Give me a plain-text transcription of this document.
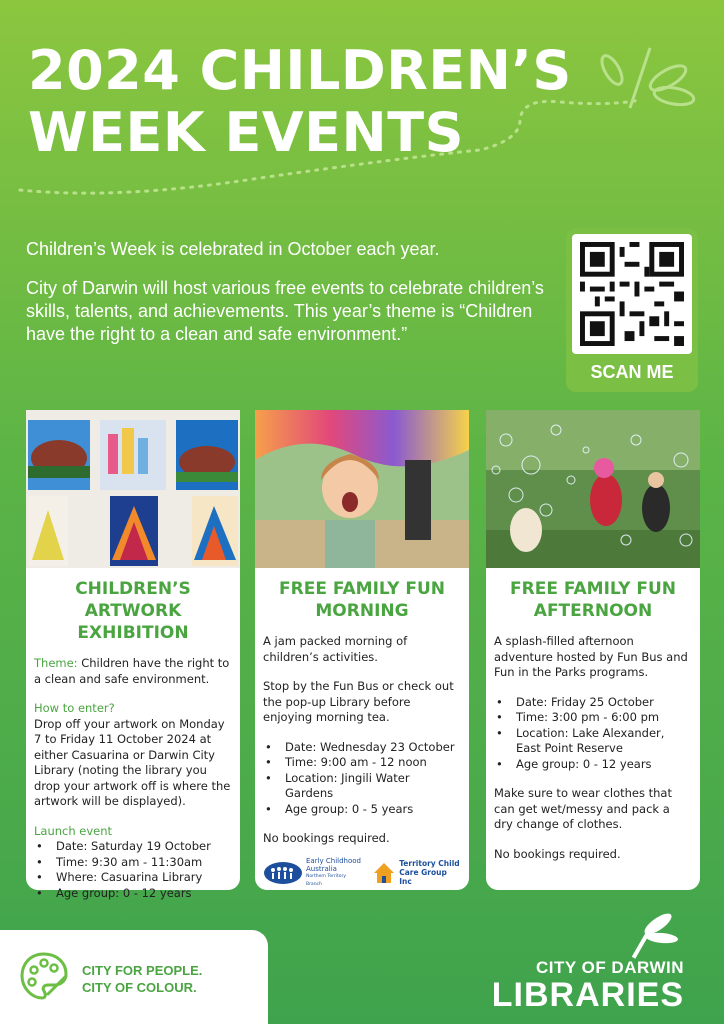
2024 CHILDREN’S
WEEK EVENTS

Children’s Week is celebrated in October each year.

City of Darwin will host various free events to celebrate children’s skills, talents, and achievements. This year’s theme is “Children have the right to a clean and safe environment.”

SCAN ME
CHILDREN’S ARTWORK EXHIBITION

Theme: Children have the right to a clean and safe environment.

How to enter?

Drop off your artwork on Monday 7 to Friday 11 October 2024 at either Casuarina or Darwin City Library (noting the library you drop your artwork off is where the artwork will be displayed).

Launch event
• Date: Saturday 19 October
• Time: 9:30 am - 11:30am
• Where: Casuarina Library
• Age group: 0 - 12 years
FREE FAMILY FUN MORNING

A jam packed morning of children’s activities.

Stop by the Fun Bus or check out the pop-up Library before enjoying morning tea.

• Date: Wednesday 23 October
• Time: 9:00 am - 12 noon
• Location: Jingili Water Gardens
• Age group: 0 - 5 years

No bookings required.

Early Childhood
Australia
Northern Territory Branch
Territory Child
Care Group Inc
FREE FAMILY FUN AFTERNOON

A splash-filled afternoon adventure hosted by Fun Bus and Fun in the Parks programs.

• Date: Friday 25 October
• Time: 3:00 pm - 6:00 pm
• Location: Lake Alexander, East Point Reserve
• Age group: 0 - 12 years

Make sure to wear clothes that can get wet/messy and pack a dry change of clothes.

No bookings required.

CITY FOR PEOPLE.
CITY OF COLOUR.
CITY OF DARWIN
LIBRARIES
